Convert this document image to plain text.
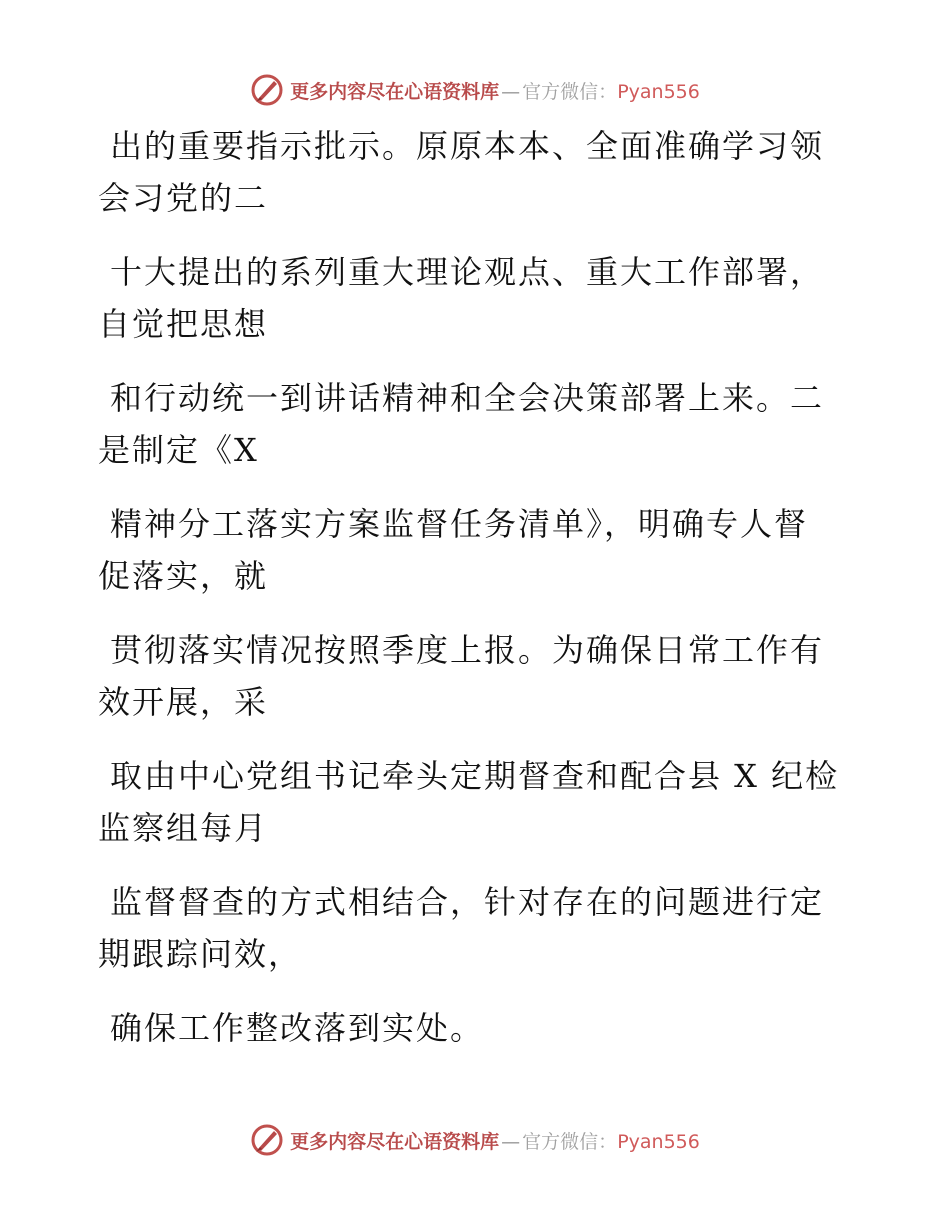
更多内容尽在心语资料库 — 官方微信：Pyan556
出的重要指示批示。原原本本、全面准确学习领
会习党的二
十大提出的系列重大理论观点、重大工作部署，
自觉把思想
和行动统一到讲话精神和全会决策部署上来。二
是制定《X
精神分工落实方案监督任务清单》，明确专人督
促落实，就
贯彻落实情况按照季度上报。为确保日常工作有
效开展，采
取由中心党组书记牵头定期督查和配合县 X 纪检
监察组每月
监督督查的方式相结合，针对存在的问题进行定
期跟踪问效，
确保工作整改落到实处。
更多内容尽在心语资料库 — 官方微信：Pyan556
